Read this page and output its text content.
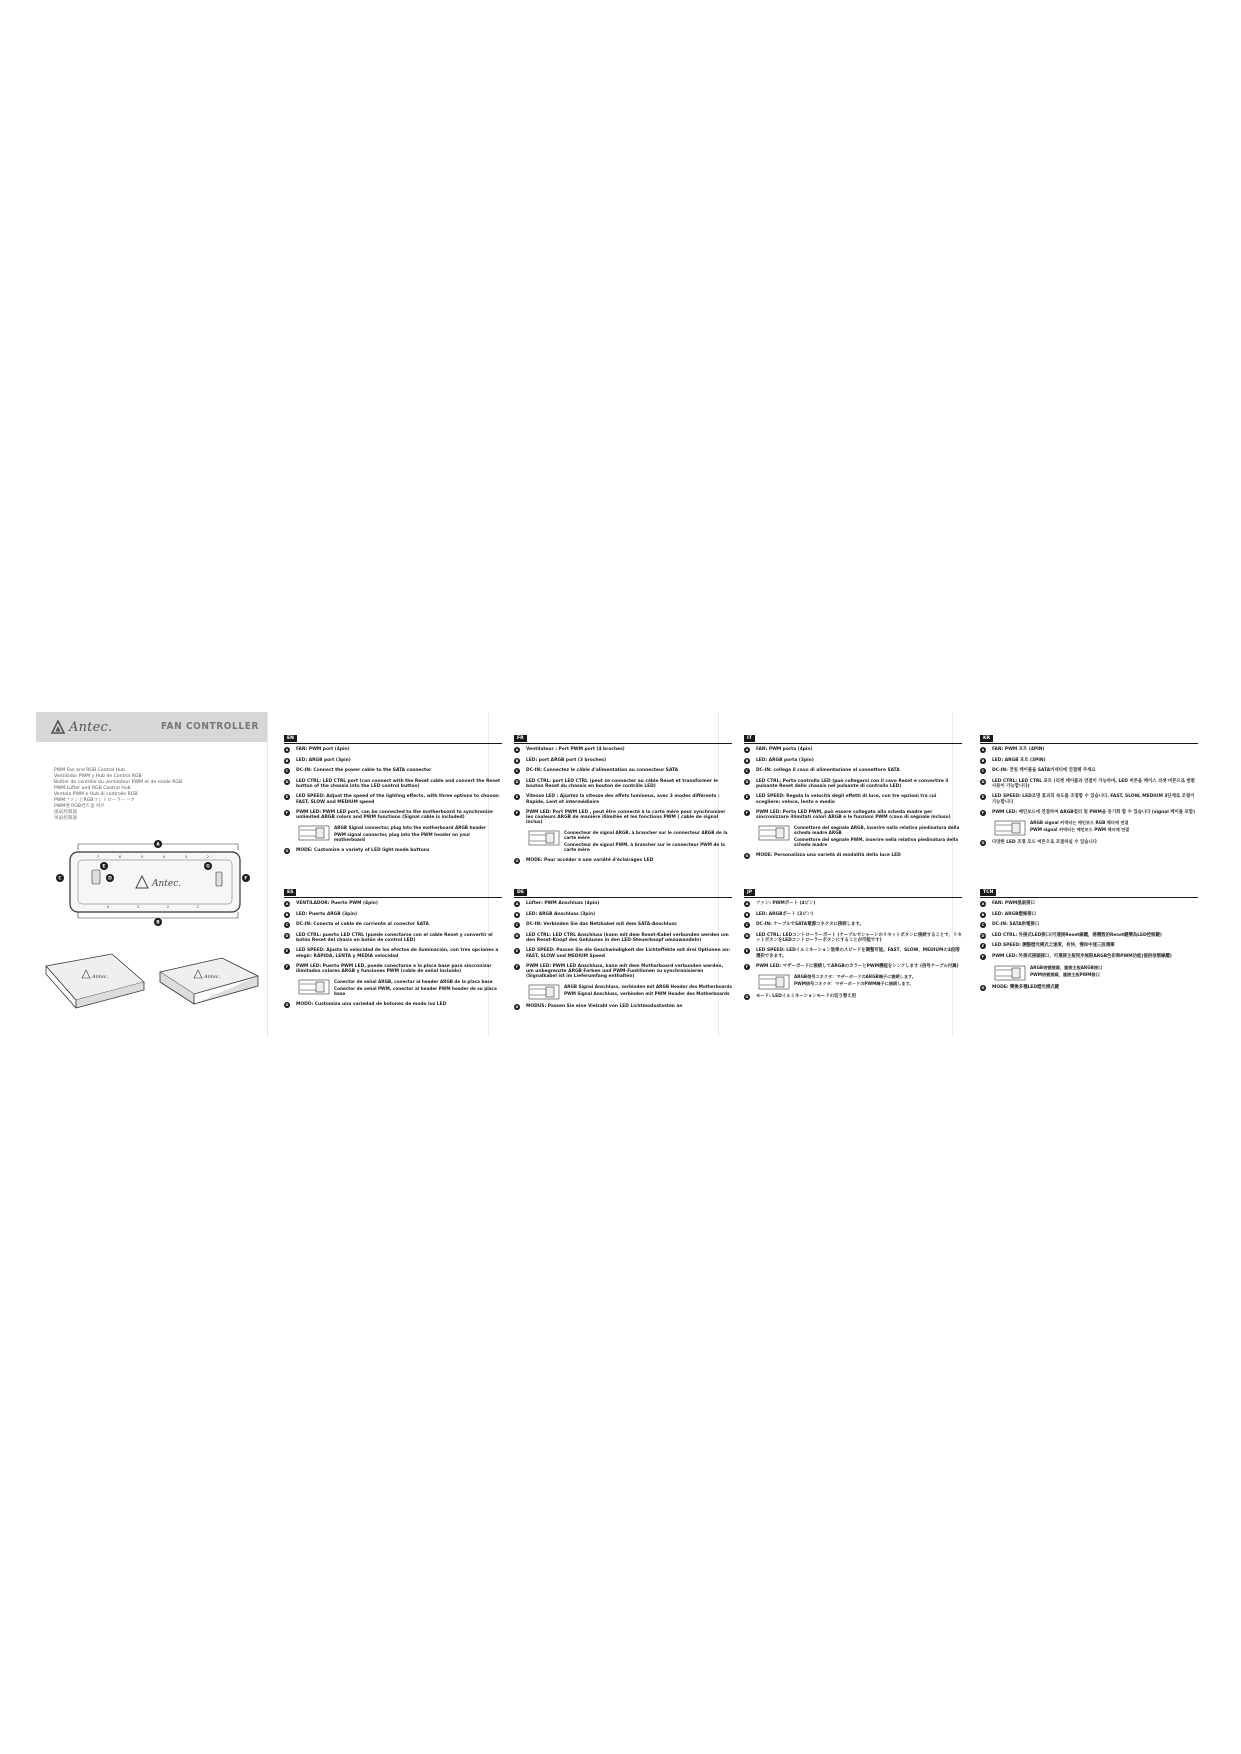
Antec.	FAN CONTROLLER
PWM Fan and RGB Control Hub
Ventilador PWM y Hub de Control RGB
Boitier de contrôle du ventilateur PWM et de mode RGB
PWM Lüfter und RGB Control Hub
Ventola PWM e Hub di controllo RGB
PWMファンとRGBコントローラーハブ
PWM팬 RGB컨트롤 허브
風扇控制器
风扇控制器
A
7	6	5	4	3	2
4	3	2	1
Antec.
C
E
D
G
F
B
Antec.	Antec.
EN
A	FAN: PWM port (4pin)
B	LED: ARGB port (3pin)
C	DC-IN: Connect the power cable to the SATA connector
D	LED CTRL: LED CTRL port (can connect with the Reset cable and convert the Reset button of the chassis into the LED control button)
E	LED SPEED: Adjust the speed of the lighting effects, with three options to choose: FAST, SLOW and MEDIUM speed
F	PWM LED: PWM LED port, can be connected to the motherboard to synchronize unlimited ARGB colors and PWM functions (Signal cable is included)
ARGB Signal connector, plug into the motherboard ARGB header
PWM signal connector, plug into the PWM header on your motherboard
G	MODE: Customize a variety of LED light mode buttons
FR
A	Ventilateur : Port PWM port (4 broches)
B	LED: port ARGB port (3 broches)
C	DC-IN: Connectez le câble d'alimentation au connecteur SATA
D	LED CTRL: port LED CTRL (peut se connecter au câble Reset et transformer le bouton Reset du chassis en bouton de contrôle LED)
E	Vitesse LED : Ajustez la vitesse des effets lumineux, avec 3 modes différents : Rapide, Lent et intermédiaire
F	PWM LED: Port PWM LED , peut être connecté à la carte mère pour synchroniser les couleurs ARGB de manière illimitée et les fonctions PWM ( cable de signal inclus)
Connecteur de signal ARGB, à brancher sur le connecteur ARGB de la carte mère
Connecteur de signal PWM, à brancher sur le connecteur PWM de la carte mère
G	MODE: Pour accéder à une variété d'éclairages LED
IT
A	FAN: PWM porta (4pin)
B	LED: ARGB porta (3pin)
C	DC-IN: collega il cavo di alimentazione al connettore SATA
D	LED CTRL: Porta controllo LED (può collegarsi con il cavo Reset e convertire il pulsante Reset dello chassis nel pulsante di controllo LED)
E	LED SPEED: Regola la velocità degli effetti di luce, con tre opzioni tra cui scegliere: veloce, lento e medio
F	PWM LED: Porta LED PWM, può essere collegata alla scheda madre per sincronizzare illimitati colori ARGB e le funzioni PWM (cavo di segnale incluso)
Connettore del segnale ARGB, inserire nella relativa piedinatura della scheda madre ARGB
Connettore del segnale PWM, inserire nella relativa piedinatura della scheda madre
G	MODE: Personalizza una varietà di modalità della luce LED
KR
A	FAN: PWM 포트 (4PIN)
B	LED: ARGB 포트 (3PIN)
C	DC-IN: 전원 케이블을 SATA커넥터에 연결해 주세요
D	LED CTRL: LED CTRL 포트 (리셋 케이블과 연결이 가능하며, LED 버튼을 케이스 리셋 버튼으로 변환 사용이 가능합니다)
E	LED SPEED: LED조명 효과의 속도를 조절할 수 있습니다. FAST, SLOW, MEDIUM 3단계로 조절이 가능합니다
F	PWM LED: 메인보드에 연결하여 ARGB컬러 및 PWM을 동기화 할 수 있습니다 (signal 케이블 포함)
ARGB signal 커넥터는 메인보드 RGB 헤더에 연결
PWM signal 커넥터는 메인보드 PWM 헤더에 연결
G	다양한 LED 조명 모드 버튼으로 조절하실 수 있습니다
ES
A	VENTILADOR: Puerto PWM (4pin)
B	LED: Puerto ARGB (3pin)
C	DC-IN: Conecta el cable de corriente al conector SATA
D	LED CTRL: puerto LED CTRL (puede conectarse con el cable Reset y convertir el botón Reset del chasis en botón de control LED)
E	LED SPEED: Ajusta la velocidad de los efectos de iluminación, con tres opciones a elegir: RÁPIDA, LENTA y MEDIA velocidad
F	PWM LED: Puerto PWM LED, puede conectarse a la placa base para sincronizar ilimitados colores ARGB y funciones PWM (cable de señal incluido)
Conector de señal ARGB, conectar al header ARGB de la placa base
Conector de señal PWM, conector al header PWM header de su placa base
G	MODO: Customiza una variedad de botones de modo luz LED
DE
A	Lüfter: PWM Anschluss (4pin)
B	LED: ARGB Anschluss (3pin)
C	DC-IN: Verbinden Sie das Netzkabel mit dem SATA-Anschluss
D	LED CTRL: LED CTRL Anschluss (kann mit dem Reset-Kabel verbunden werden um den Reset-Knopf des Gehäuses in den LED-Steuerknopf umzuwandeln)
E	LED SPEED: Passen Sie die Geschwindigkeit der Lichteffekte mit drei Optionen an: FAST, SLOW und MEDIUM Speed
F	PWM LED: PWM LED Anschluss, kann mit dem Motherboard verbunden werden, um unbegrenzte ARGB Farben und PWM-Funktionen zu synchronisieren (Signalkabel ist im Lieferumfang enthalten)
ARGB Signal Anschluss, verbinden mit ARGB Header des Motherboards
PWM Signal Anschluss, verbinden mit PWM Header des Motherboards
G	MODUS: Passen Sie eine Vielzahl von LED Lichtmodustasten an
JP
A	ファン: PWMポート (4ピン)
B	LED: ARGBポート (3ピン)
C	DC-IN: ケーブルでSATA電源コネクタに接続します。
D	LED CTRL: LEDコントローラーポート (ケーブルでシャーシのリセットボタンに接続することで、リセットボタンをLEDコントローラーボタンにすることが可能です)
E	LED SPEED: LEDイルミネーション効果のスピードを調整可能。FAST、SLOW、MEDIUMの3段階選択できます。
F	PWM LED: マザーボードに接続してARGBのカラーとPWM機能をシンクします (信号ケーブル付属)
ARGB信号コネクタ：マザーボードのARGB端子に接続します。
PWM信号コネクタ：マザーボードのPWM端子に接続します。
G	モード: LEDイルミネーションモードの切り替え用
TCN
A	FAN: PWM風扇接口
B	LED: ARGB燈條接口
C	DC-IN: SATA供電接口
D	LED CTRL: 外接式LED接口(可連接Reset線纜，將機殼的Reset鍵變為LED控制鍵)
E	LED SPEED: 調整燈光模式之速度，有快、慢和中速三段選擇
F	PWM LED: 外接式接頭接口，可連接主板同步無限ARGB色彩與PWM功能(提供信號線纜)
ARGB信號接頭，連接主板ARGB接口
PWM信號接頭，連接主板PWM接口
G	MODE: 變換多種LED燈光模式鍵
